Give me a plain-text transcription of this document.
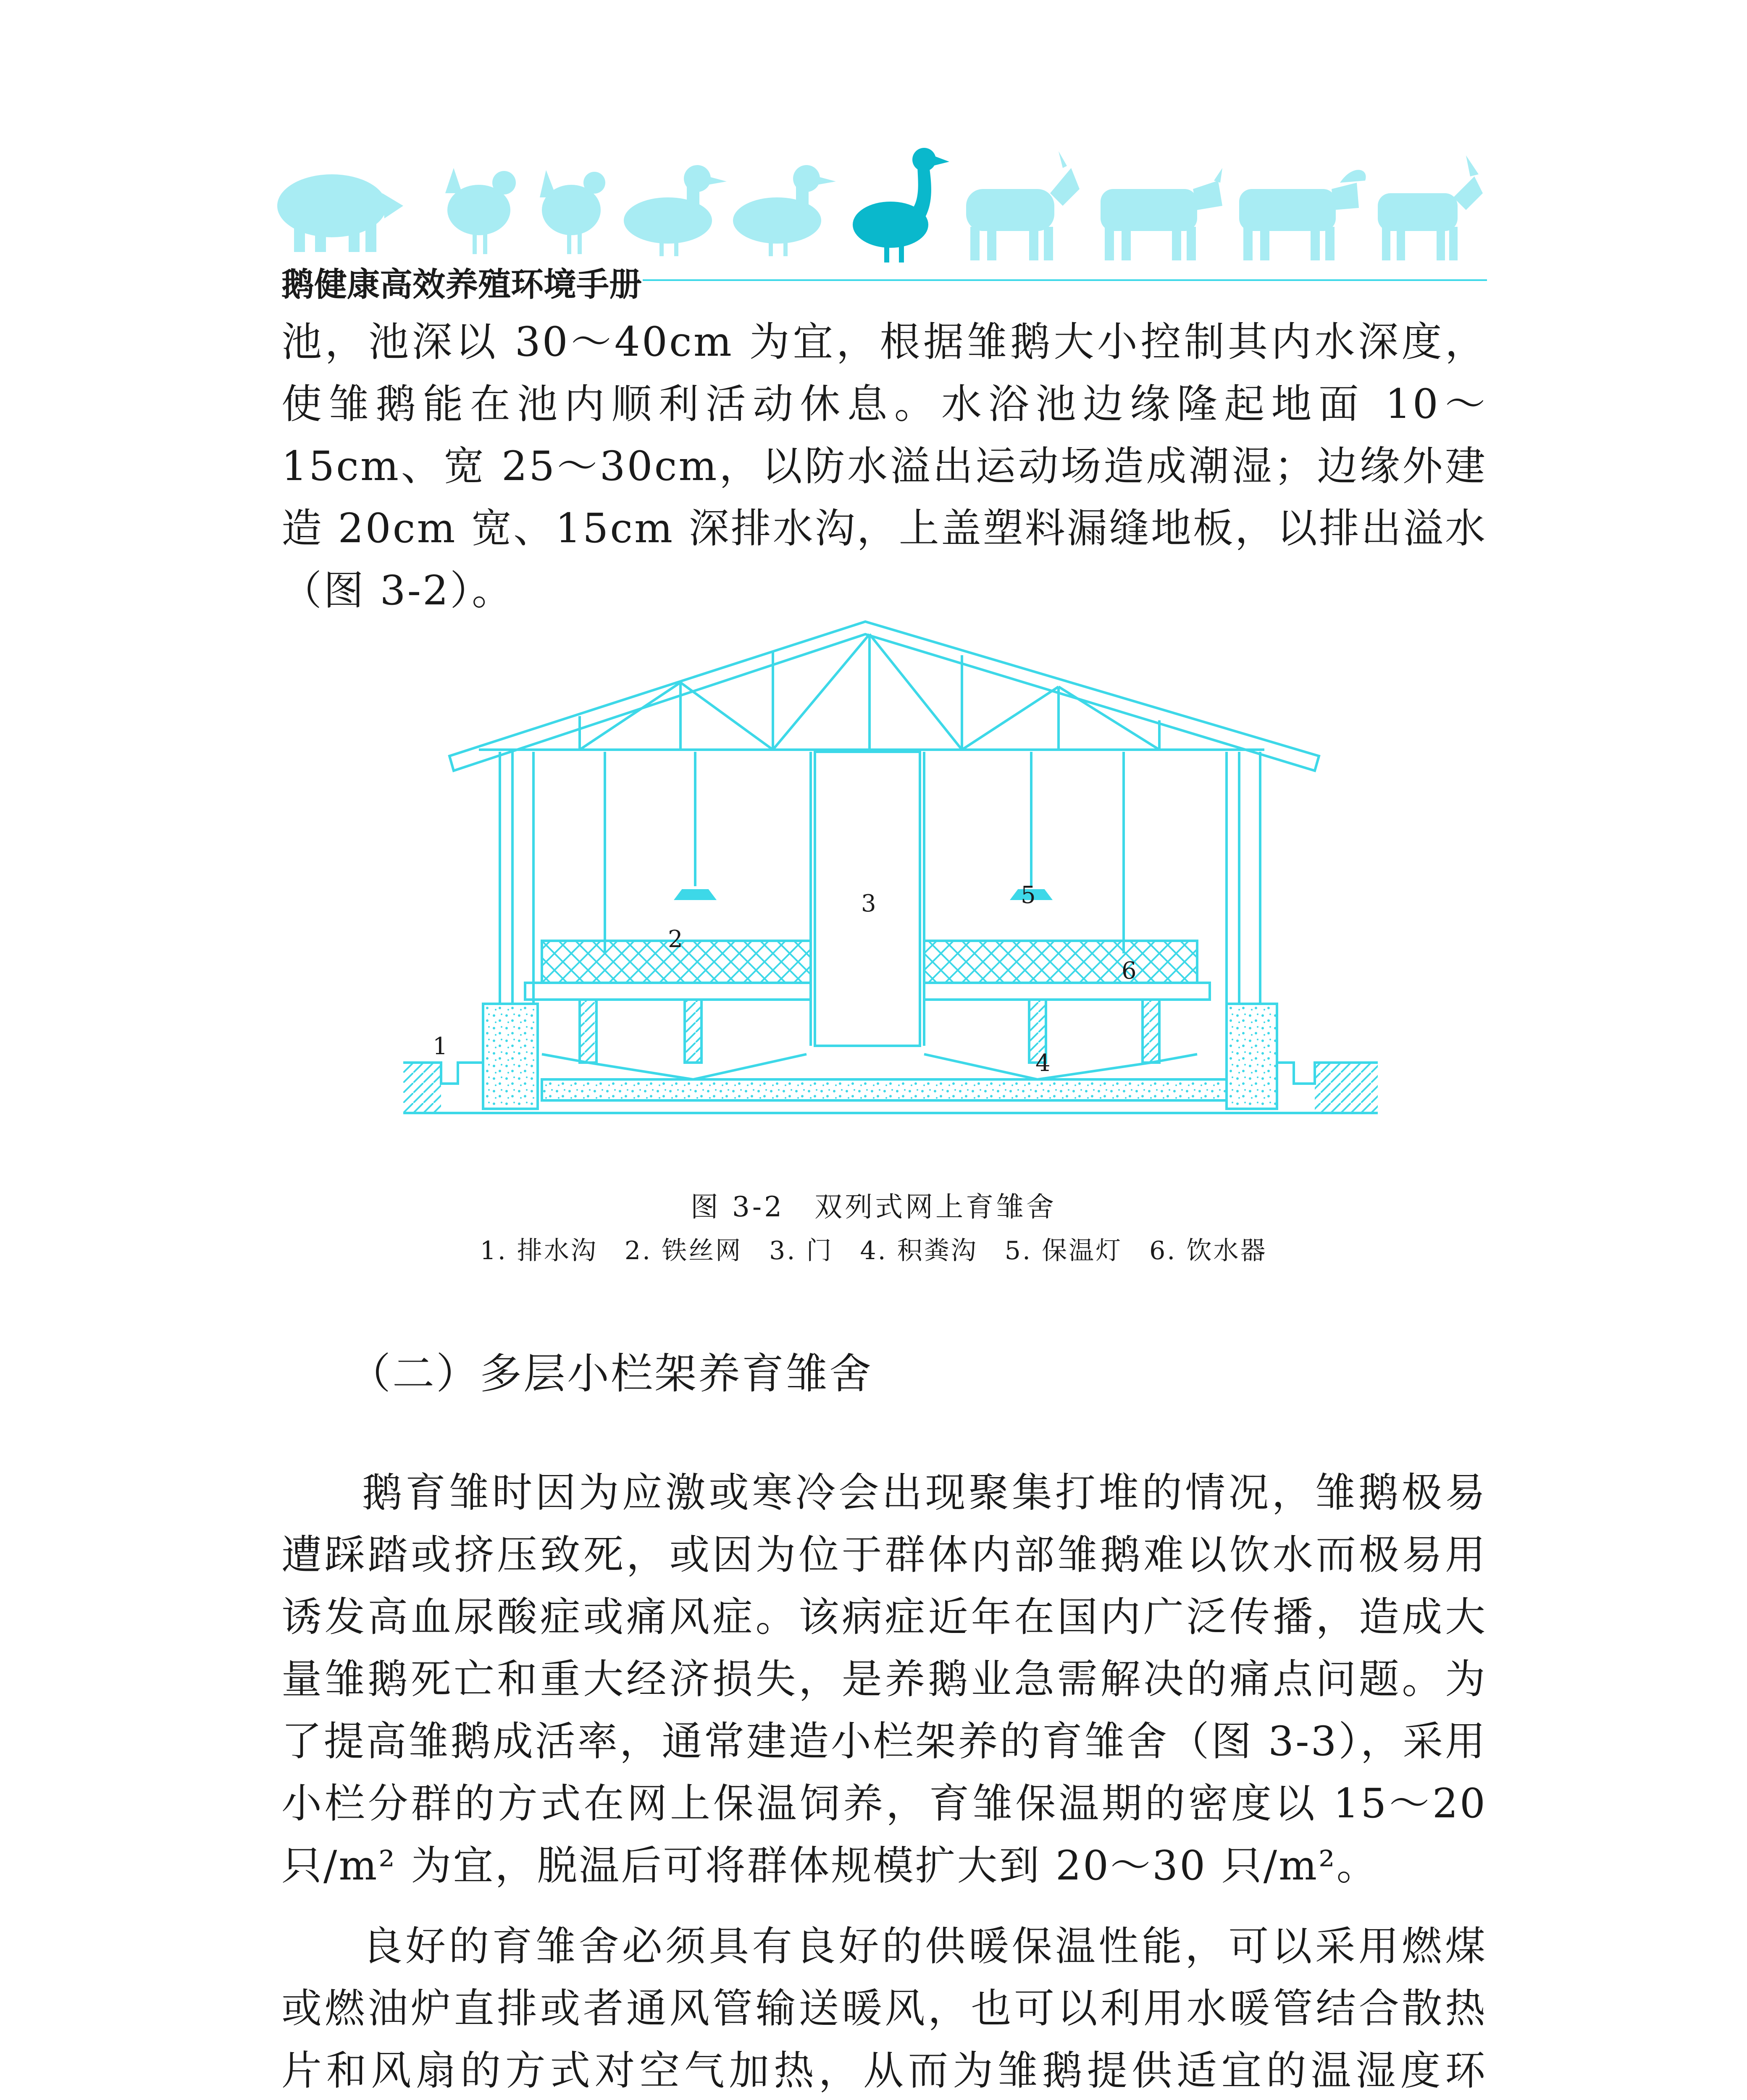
鹅健康高效养殖环境手册

池，池深以 30～40cm 为宜，根据雏鹅大小控制其内水深度，使雏鹅能在池内顺利活动休息。水浴池边缘隆起地面 10～15cm、宽 25～30cm，以防水溢出运动场造成潮湿；边缘外建造 20cm 宽、15cm 深排水沟，上盖塑料漏缝地板，以排出溢水（图 3-2）。

1
2
3
4
5
6
图 3-2　双列式网上育雏舍
1. 排水沟　2. 铁丝网　3. 门　4. 积粪沟　5. 保温灯　6. 饮水器
（二）多层小栏架养育雏舍

鹅育雏时因为应激或寒冷会出现聚集打堆的情况，雏鹅极易遭踩踏或挤压致死，或因为位于群体内部雏鹅难以饮水而极易用诱发高血尿酸症或痛风症。该病症近年在国内广泛传播，造成大量雏鹅死亡和重大经济损失，是养鹅业急需解决的痛点问题。为了提高雏鹅成活率，通常建造小栏架养的育雏舍（图 3-3），采用小栏分群的方式在网上保温饲养，育雏保温期的密度以 15～20 只/m² 为宜，脱温后可将群体规模扩大到 20～30 只/m²。

良好的育雏舍必须具有良好的供暖保温性能，可以采用燃煤或燃油炉直排或者通风管输送暖风，也可以利用水暖管结合散热片和风扇的方式对空气加热，从而为雏鹅提供适宜的温湿度环
